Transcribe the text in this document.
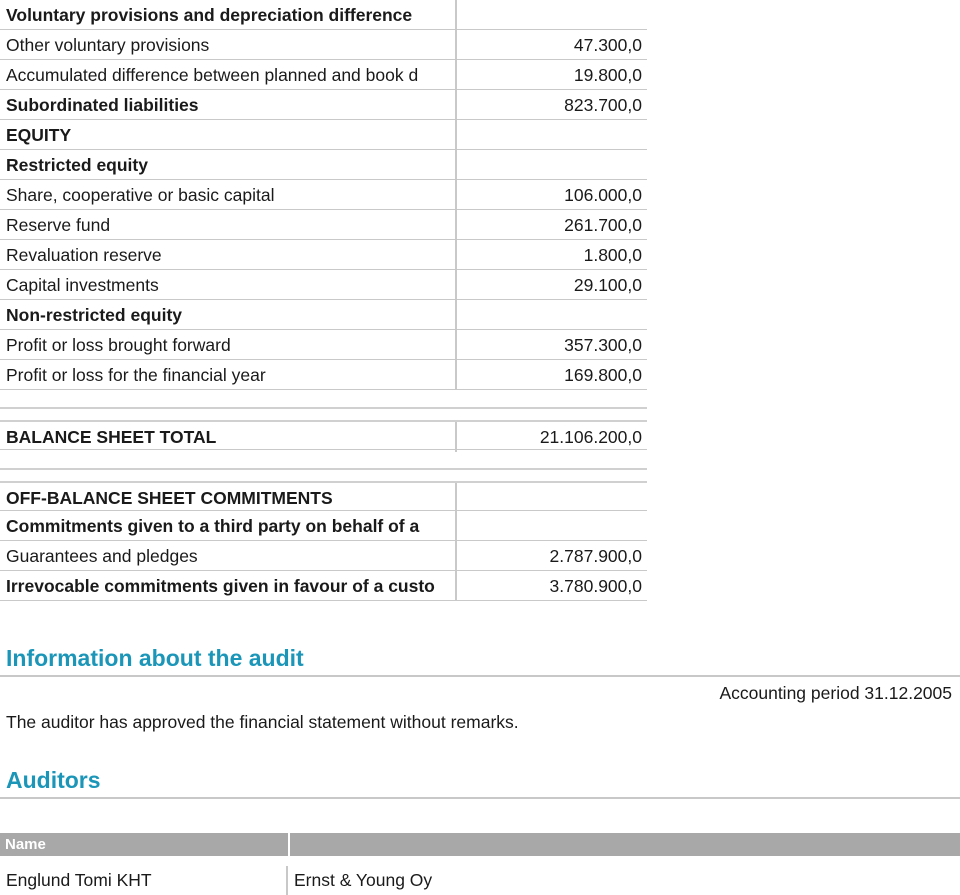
Voluntary provisions and depreciation difference
Other voluntary provisions	47.300,0
Accumulated difference between planned and book d	19.800,0
Subordinated liabilities	823.700,0
EQUITY
Restricted equity
Share, cooperative or basic capital	106.000,0
Reserve fund	261.700,0
Revaluation reserve	1.800,0
Capital investments	29.100,0
Non-restricted equity
Profit or loss brought forward	357.300,0
Profit or loss for the financial year	169.800,0
BALANCE SHEET TOTAL	21.106.200,0
OFF-BALANCE SHEET COMMITMENTS
Commitments given to a third party on behalf of a
Guarantees and pledges	2.787.900,0
Irrevocable commitments given in favour of a custo	3.780.900,0
Information about the audit
Accounting period 31.12.2005
The auditor has approved the financial statement without remarks.
Auditors
Name
Englund Tomi KHT	Ernst & Young Oy
